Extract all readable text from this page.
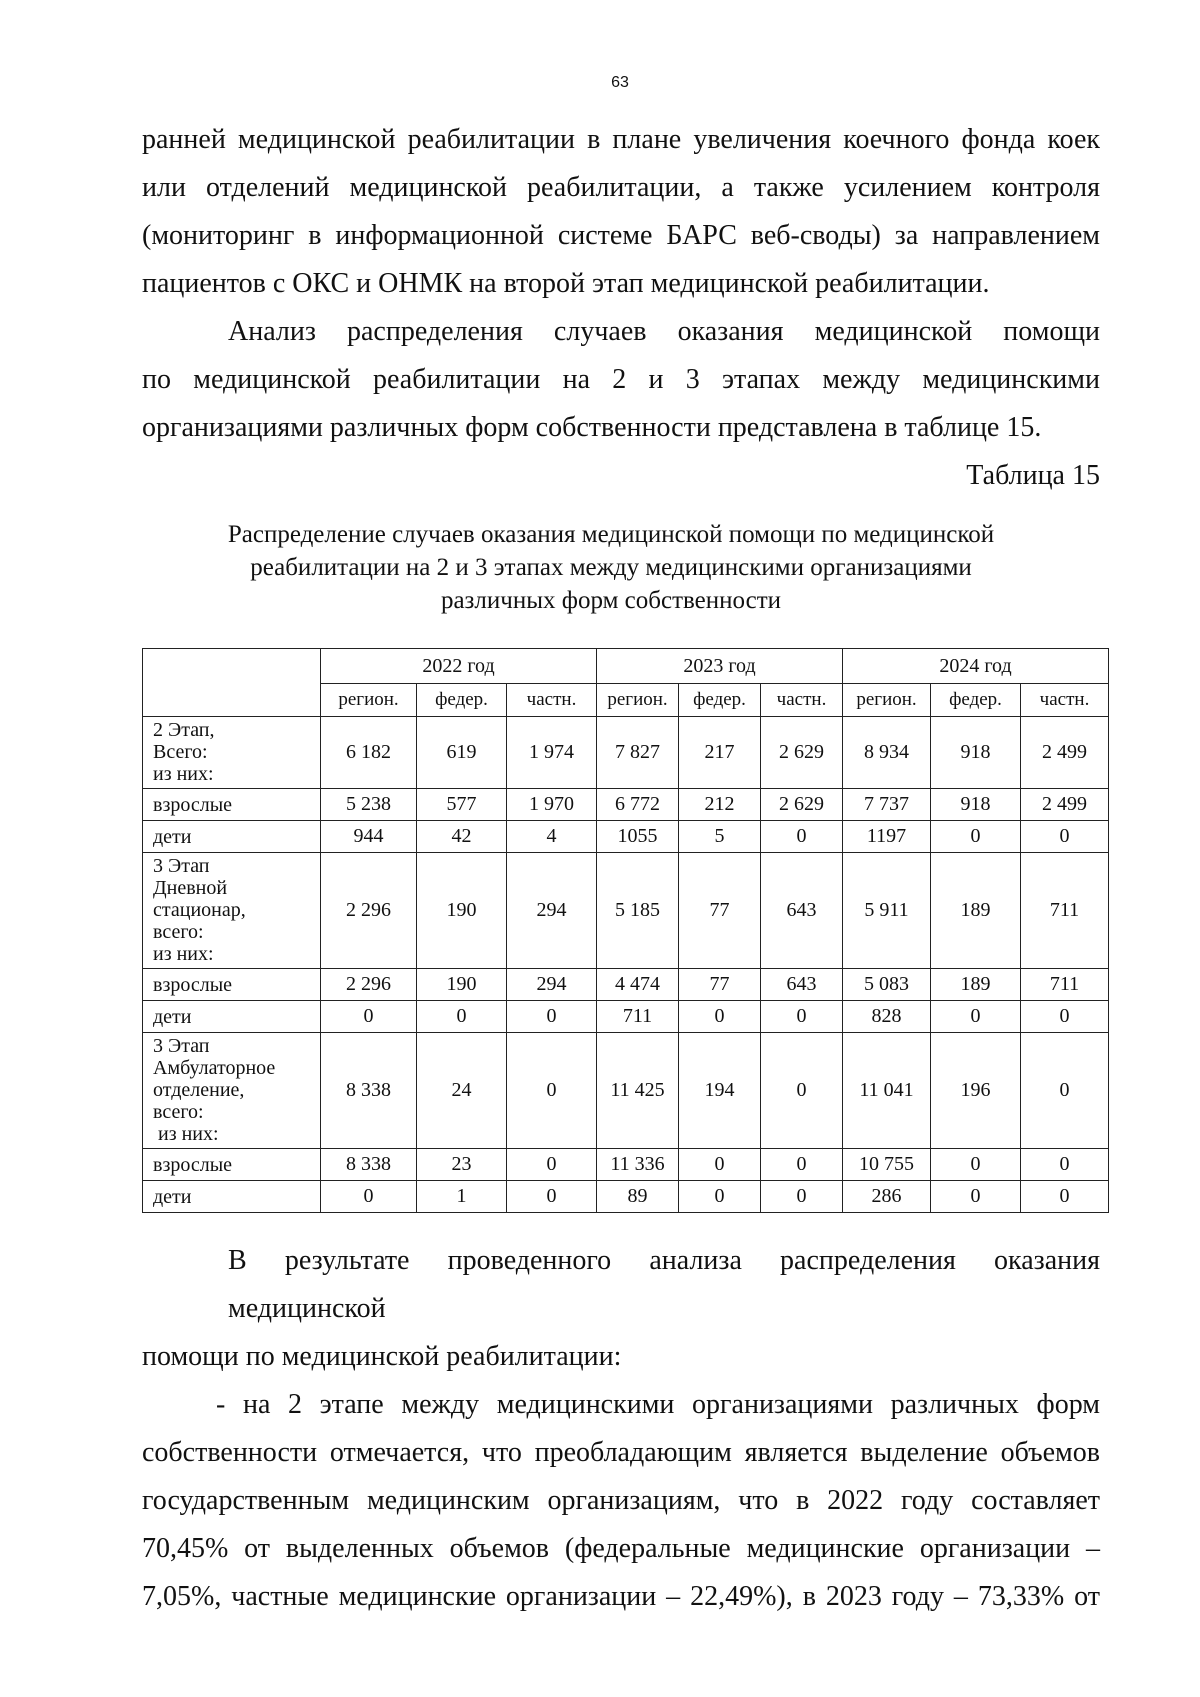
63

ранней медицинской реабилитации в плане увеличения коечного фонда коек
или отделений медицинской реабилитации, а также усилением контроля
(мониторинг в информационной системе БАРС веб-своды) за направлением
пациентов с ОКС и ОНМК на второй этап медицинской реабилитации.

Анализ распределения случаев оказания медицинской помощи
по медицинской реабилитации на 2 и 3 этапах между медицинскими
организациями различных форм собственности представлена в таблице 15.

Таблица 15

Распределение случаев оказания медицинской помощи по медицинской
реабилитации на 2 и 3 этапах между медицинскими организациями
различных форм собственности
	2022 год			2023 год			2024 год		
	регион.	федер.	частн.	регион.	федер.	частн.	регион.	федер.	частн.

2 Этап,
Всего:
из них:	6 182	619	1 974	7 827	217	2 629	8 934	918	2 499

взрослые	5 238	577	1 970	6 772	212	2 629	7 737	918	2 499

дети	944	42	4	1055	5	0	1197	0	0

3 Этап
Дневной
стационар,
всего:
из них:	2 296	190	294	5 185	77	643	5 911	189	711

взрослые	2 296	190	294	4 474	77	643	5 083	189	711

дети	0	0	0	711	0	0	828	0	0

3 Этап
Амбулаторное
отделение,
всего:
из них:	8 338	24	0	11 425	194	0	11 041	196	0

взрослые	8 338	23	0	11 336	0	0	10 755	0	0

дети	0	1	0	89	0	0	286	0	0

В результате проведенного анализа распределения оказания медицинской
помощи по медицинской реабилитации:

- на 2 этапе между медицинскими организациями различных форм
собственности отмечается, что преобладающим является выделение объемов
государственным медицинским организациям, что в 2022 году составляет
70,45% от выделенных объемов (федеральные медицинские организации –
7,05%, частные медицинские организации – 22,49%), в 2023 году – 73,33% от
